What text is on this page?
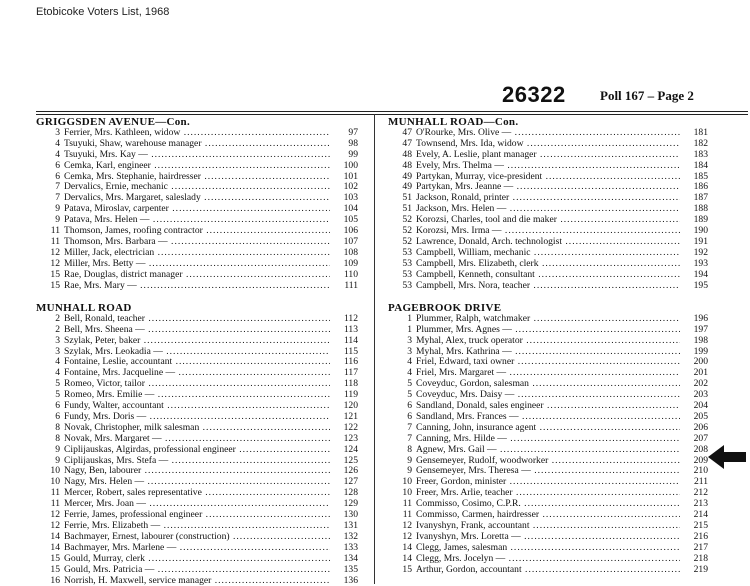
Etobicoke Voters List, 1968
26322	Poll 167 – Page 2
GRIGGSDEN AVENUE—Con.
3 Ferrier, Mrs. Kathleen, widow .....	97
4 Tsuyuki, Shaw, warehouse manager .....	98
4 Tsuyuki, Mrs. Kay — .....	99
6 Cemka, Karl, engineer .....	100
6 Cemka, Mrs. Stephanie, hairdresser .....	101
7 Dervalics, Ernie, mechanic .....	102
7 Dervalics, Mrs. Margaret, saleslady .....	103
9 Patava, Miroslav, carpenter .....	104
9 Patava, Mrs. Helen — .....	105
11 Thomson, James, roofing contractor .....	106
11 Thomson, Mrs. Barbara — .....	107
12 Miller, Jack, electrician .....	108
12 Miller, Mrs. Betty — .....	109
15 Rae, Douglas, district manager .....	110
15 Rae, Mrs. Mary — .....	111
MUNHALL ROAD
2 Bell, Ronald, teacher .....	112
2 Bell, Mrs. Sheena — .....	113
3 Szylak, Peter, baker .....	114
3 Szylak, Mrs. Leokadia — .....	115
4 Fontaine, Leslie, accountant .....	116
4 Fontaine, Mrs. Jacqueline — .....	117
5 Romeo, Victor, tailor .....	118
5 Romeo, Mrs. Emilie — .....	119
6 Fundy, Walter, accountant .....	120
6 Fundy, Mrs. Doris — .....	121
8 Novak, Christopher, milk salesman .....	122
8 Novak, Mrs. Margaret — .....	123
9 Ciplijauskas, Algirdas, professional engineer .....	124
9 Ciplijauskas, Mrs. Stefa — .....	125
10 Nagy, Ben, labourer .....	126
10 Nagy, Mrs. Helen — .....	127
11 Mercer, Robert, sales representative .....	128
11 Mercer, Mrs. Joan — .....	129
12 Ferrie, James, professional engineer .....	130
12 Ferrie, Mrs. Elizabeth — .....	131
14 Bachmayer, Ernest, labourer (construction) .....	132
14 Bachmayer, Mrs. Marlene — .....	133
15 Gould, Murray, clerk .....	134
15 Gould, Mrs. Patricia — .....	135
16 Norrish, H. Maxwell, service manager .....	136
MUNHALL ROAD—Con.
47 O'Rourke, Mrs. Olive — .....	181
47 Townsend, Mrs. Ida, widow .....	182
48 Evely, A. Leslie, plant manager .....	183
48 Evely, Mrs. Thelma — .....	184
49 Partykan, Murray, vice-president .....	185
49 Partykan, Mrs. Jeanne — .....	186
51 Jackson, Ronald, printer .....	187
51 Jackson, Mrs. Helen — .....	188
52 Korozsi, Charles, tool and die maker .....	189
52 Korozsi, Mrs. Irma — .....	190
52 Lawrence, Donald, Arch. technologist .....	191
53 Campbell, William, mechanic .....	192
53 Campbell, Mrs. Elizabeth, clerk .....	193
53 Campbell, Kenneth, consultant .....	194
53 Campbell, Mrs. Nora, teacher .....	195
PAGEBROOK DRIVE
1 Plummer, Ralph, watchmaker .....	196
1 Plummer, Mrs. Agnes — .....	197
3 Myhal, Alex, truck operator .....	198
3 Myhal, Mrs. Kathrina — .....	199
4 Friel, Edward, taxi owner .....	200
4 Friel, Mrs. Margaret — .....	201
5 Coveyduc, Gordon, salesman .....	202
5 Coveyduc, Mrs. Daisy — .....	203
6 Sandland, Donald, sales engineer .....	204
6 Sandland, Mrs. Frances — .....	205
7 Canning, John, insurance agent .....	206
7 Canning, Mrs. Hilde — .....	207
8 Agnew, Mrs. Gail — .....	208
9 Gensemeyer, Rudolf, woodworker .....	209
9 Gensemeyer, Mrs. Theresa — .....	210
10 Freer, Gordon, minister .....	211
10 Freer, Mrs. Arlie, teacher .....	212
11 Commisso, Cosimo, C.P.R. .....	213
11 Commisso, Carmen, hairdresser .....	214
12 Ivanyshyn, Frank, accountant .....	215
12 Ivanyshyn, Mrs. Loretta — .....	216
14 Clegg, James, salesman .....	217
14 Clegg, Mrs. Jocelyn — .....	218
15 Arthur, Gordon, accountant .....	219
